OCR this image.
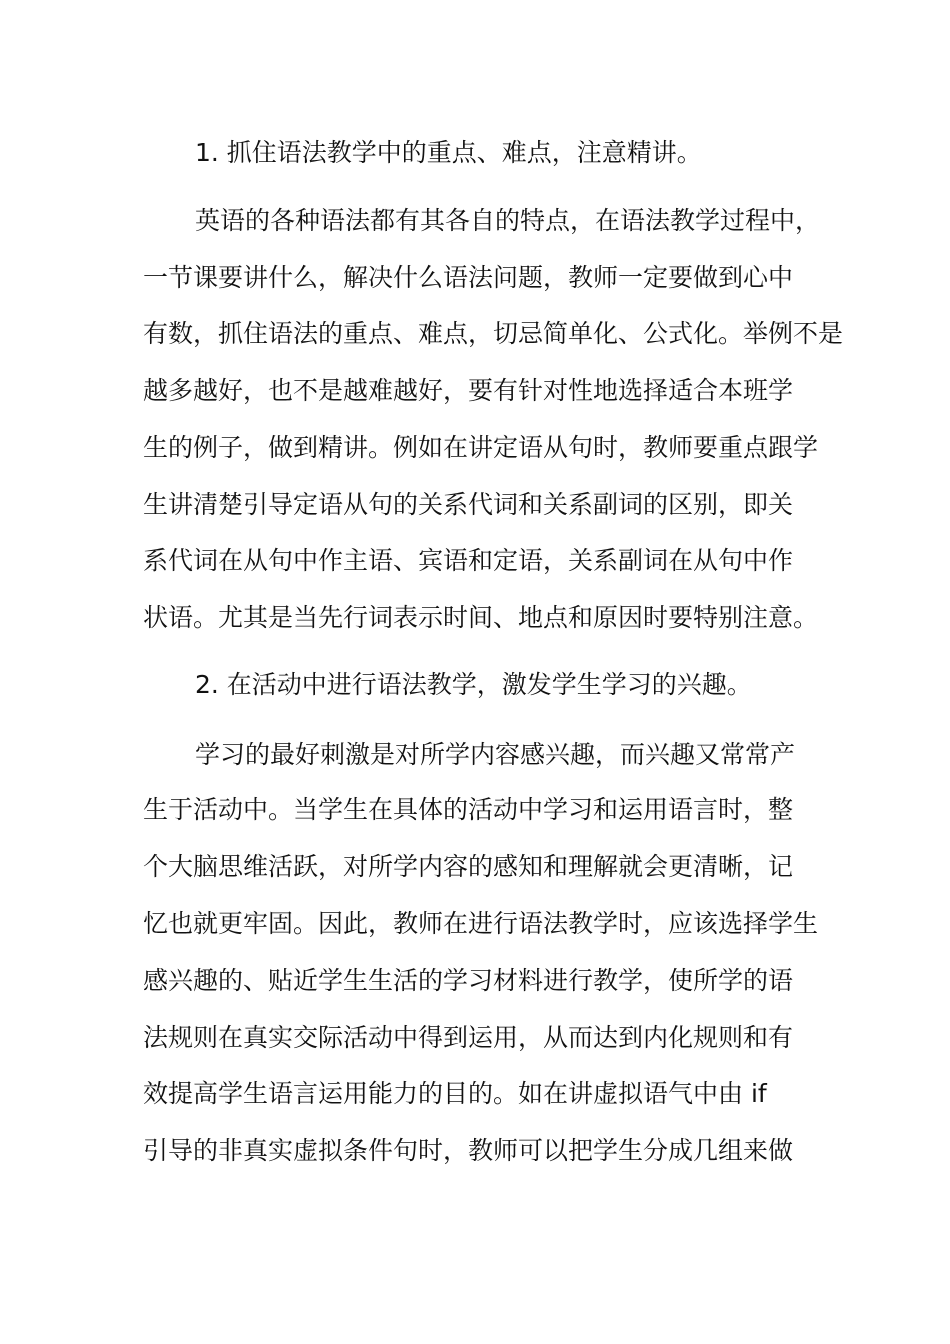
1. 抓住语法教学中的重点、难点，注意精讲。
英语的各种语法都有其各自的特点，在语法教学过程中，
一节课要讲什么，解决什么语法问题，教师一定要做到心中
有数，抓住语法的重点、难点，切忌简单化、公式化。举例不是
越多越好，也不是越难越好，要有针对性地选择适合本班学
生的例子，做到精讲。例如在讲定语从句时，教师要重点跟学
生讲清楚引导定语从句的关系代词和关系副词的区别，即关
系代词在从句中作主语、宾语和定语，关系副词在从句中作
状语。尤其是当先行词表示时间、地点和原因时要特别注意。
2. 在活动中进行语法教学，激发学生学习的兴趣。
学习的最好刺激是对所学内容感兴趣，而兴趣又常常产
生于活动中。当学生在具体的活动中学习和运用语言时，整
个大脑思维活跃，对所学内容的感知和理解就会更清晰，记
忆也就更牢固。因此，教师在进行语法教学时，应该选择学生
感兴趣的、贴近学生生活的学习材料进行教学，使所学的语
法规则在真实交际活动中得到运用，从而达到内化规则和有
效提高学生语言运用能力的目的。如在讲虚拟语气中由 if
引导的非真实虚拟条件句时，教师可以把学生分成几组来做
